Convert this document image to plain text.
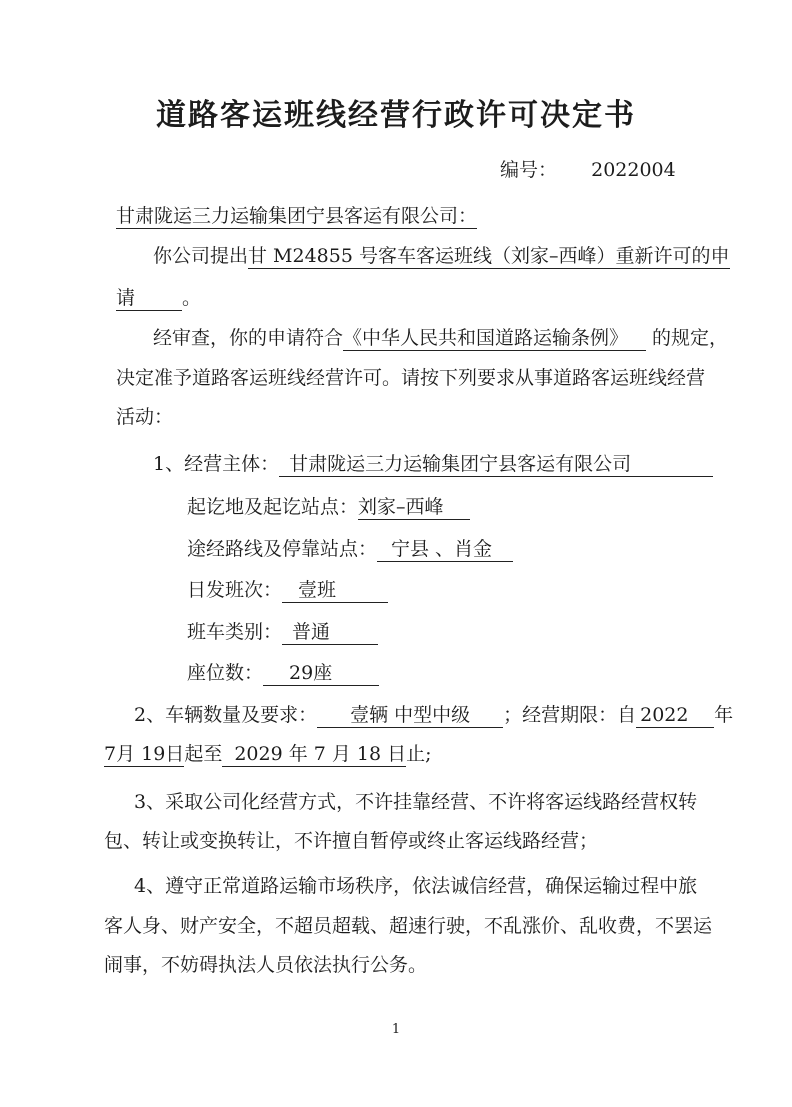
道路客运班线经营行政许可决定书
编号： 2022004
甘肃陇运三力运输集团宁县客运有限公司：
你公司提出甘 M24855 号客车客运班线（刘家–西峰）重新许可的申
请 。
经审查，你的申请符合《中华人民共和国道路运输条例》 的规定，
决定准予道路客运班线经营许可。请按下列要求从事道路客运班线经营
活动：
1、经营主体： 甘肃陇运三力运输集团宁县客运有限公司
起讫地及起讫站点：刘家–西峰
途经路线及停靠站点： 宁县 、肖金
日发班次： 壹班
班车类别： 普通
座位数： 29座
2、车辆数量及要求： 壹辆 中型中级 ；经营期限：自 2022 年
7月 19日起至 2029 年 7 月 18 日止;
3、采取公司化经营方式，不许挂靠经营、不许将客运线路经营权转
包、转让或变换转让，不许擅自暂停或终止客运线路经营；
4、遵守正常道路运输市场秩序，依法诚信经营，确保运输过程中旅
客人身、财产安全，不超员超载、超速行驶，不乱涨价、乱收费，不罢运
闹事，不妨碍执法人员依法执行公务。
1
